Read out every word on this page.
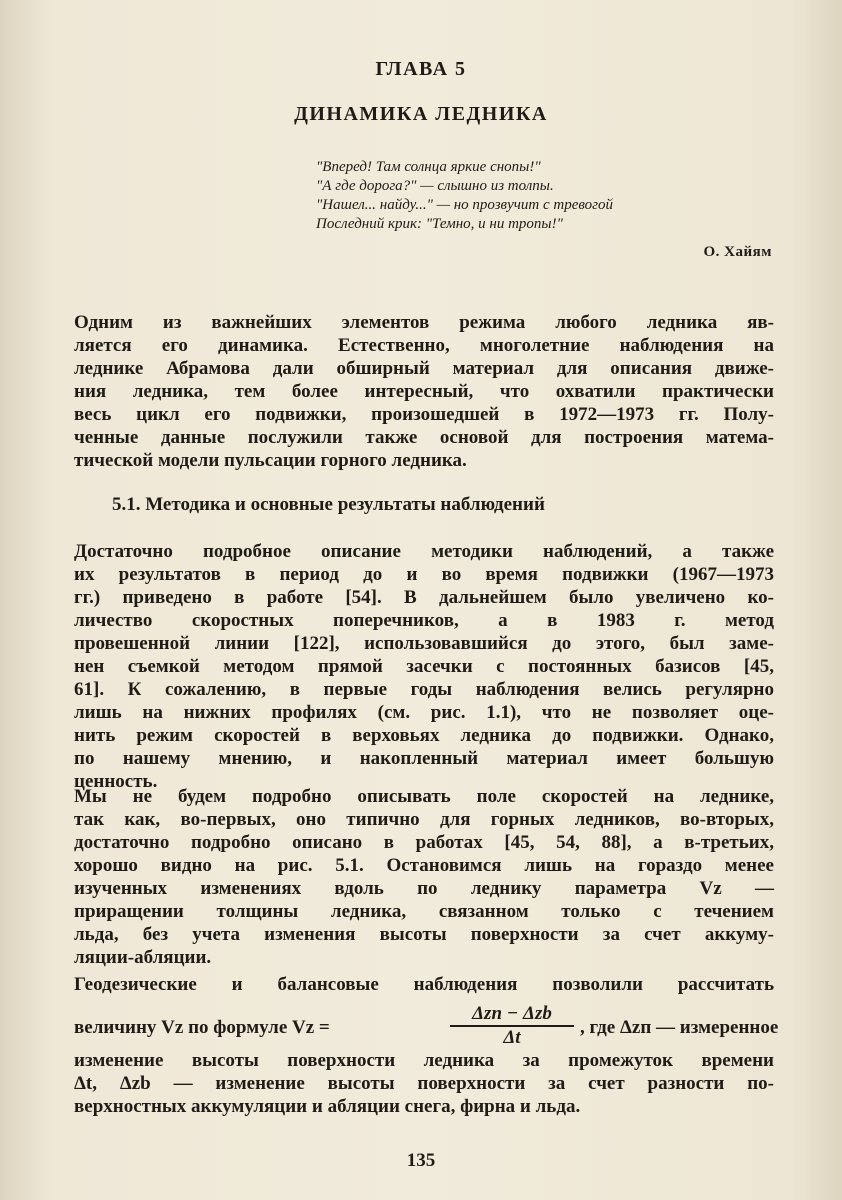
ГЛАВА 5
ДИНАМИКА ЛЕДНИКА
"Вперед! Там солнца яркие снопы!"
"А где дорога?" — слышно из толпы.
"Нашел... найду..." — но прозвучит с тревогой
Последний крик: "Темно, и ни тропы!"
О. Хайям
Одним из важнейших элементов режима любого ледника яв-
ляется его динамика. Естественно, многолетние наблюдения на
леднике Абрамова дали обширный материал для описания движе-
ния ледника, тем более интересный, что охватили практически
весь цикл его подвижки, произошедшей в 1972—1973 гг. Полу-
ченные данные послужили также основой для построения матема-
тической модели пульсации горного ледника.
5.1. Методика и основные результаты наблюдений
Достаточно подробное описание методики наблюдений, а также
их результатов в период до и во время подвижки (1967—1973
гг.) приведено в работе [54]. В дальнейшем было увеличено ко-
личество скоростных поперечников, а в 1983 г. метод
провешенной линии [122], использовавшийся до этого, был заме-
нен съемкой методом прямой засечки с постоянных базисов [45,
61]. К сожалению, в первые годы наблюдения велись регулярно
лишь на нижних профилях (см. рис. 1.1), что не позволяет оце-
нить режим скоростей в верховьях ледника до подвижки. Однако,
по нашему мнению, и накопленный материал имеет большую
ценность.
Мы не будем подробно описывать поле скоростей на леднике,
так как, во-первых, оно типично для горных ледников, во-вторых,
достаточно подробно описано в работах [45, 54, 88], а в-третьих,
хорошо видно на рис. 5.1. Остановимся лишь на гораздо менее
изученных изменениях вдоль по леднику параметра Vz —
приращении толщины ледника, связанном только с течением
льда, без учета изменения высоты поверхности за счет аккуму-
ляции-абляции.
Геодезические и балансовые наблюдения позволили рассчитать
величину Vz по формуле Vz =
Δzп − Δzb
Δt	, где Δzп — измеренное
изменение высоты поверхности ледника за промежуток времени
Δt, Δzb — изменение высоты поверхности за счет разности по-
верхностных аккумуляции и абляции снега, фирна и льда.
135
